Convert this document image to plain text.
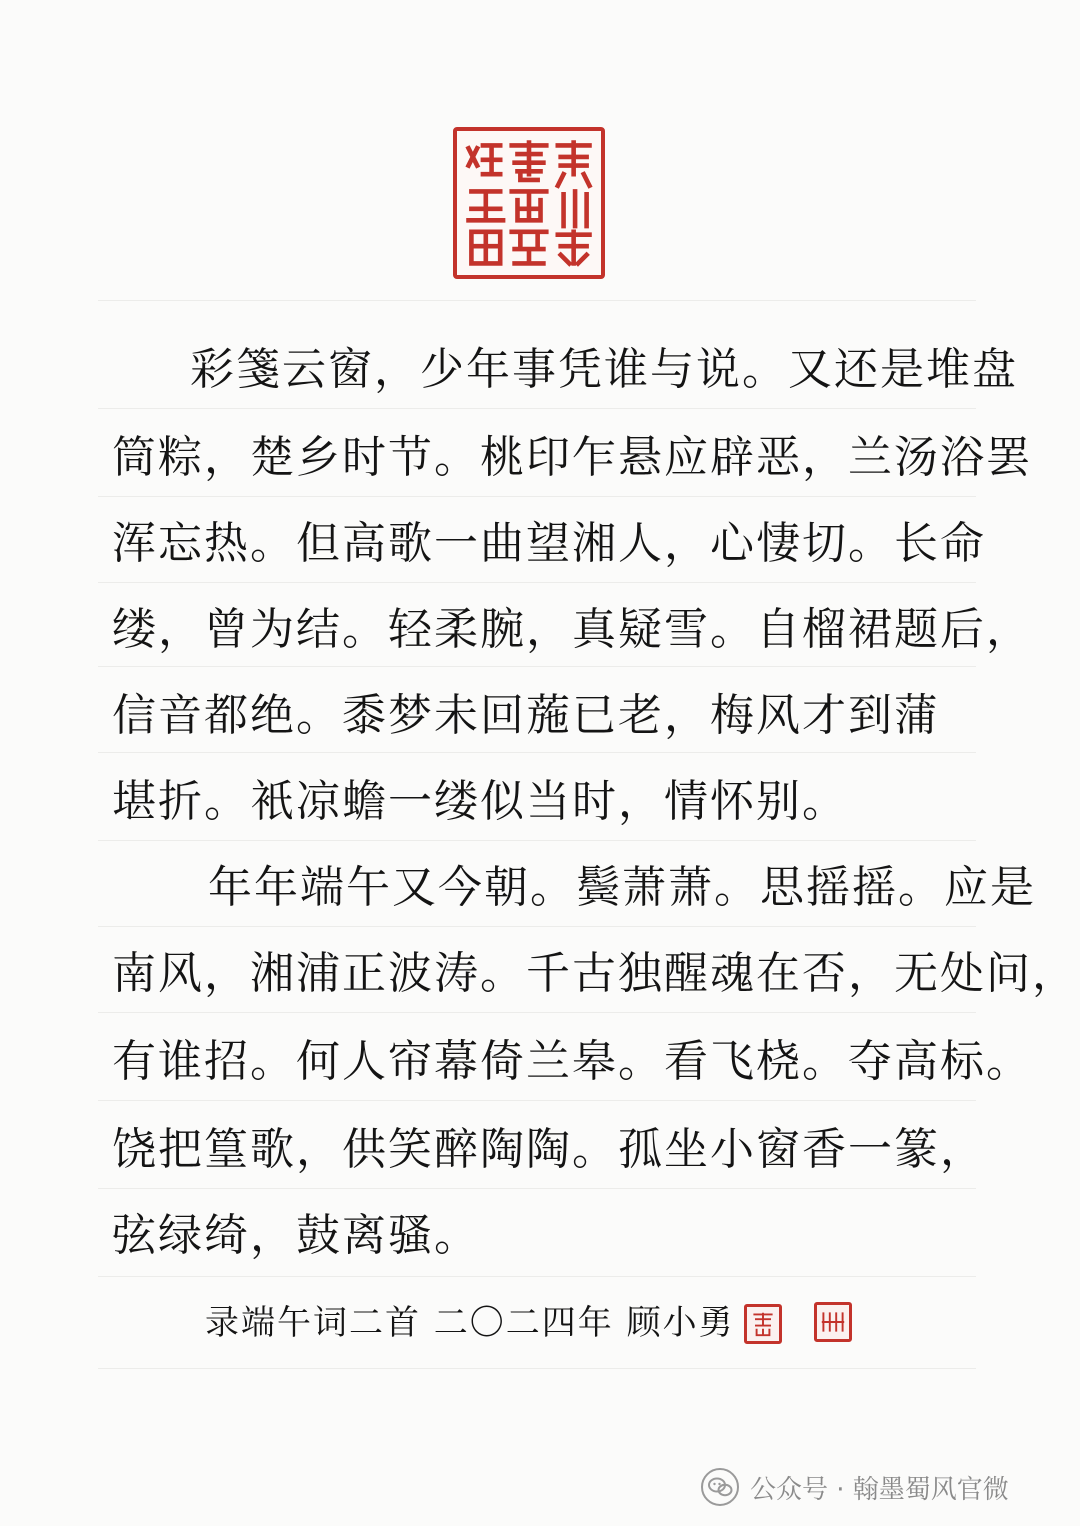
彩箋云窗，少年事凭谁与说。又还是堆盘
筒粽，楚乡时节。桃印乍悬应辟恶，兰汤浴罢
浑忘热。但高歌一曲望湘人，心悽切。长命
缕，曾为结。轻柔腕，真疑雪。自榴裙题后，
信音都绝。黍梦未回葹已老，梅风才到蒲
堪折。衹凉蟾一缕似当时，情怀别。
年年端午又今朝。鬓萧萧。思摇摇。应是
南风，湘浦正波涛。千古独醒魂在否，无处问，
有谁招。何人帘幕倚兰皋。看飞桡。夺高标。
饶把篁歌，供笑醉陶陶。孤坐小窗香一篆，
弦绿绮，鼓离骚。
录端午词二首 二〇二四年 顾小勇
公众号 · 翰墨蜀风官微
